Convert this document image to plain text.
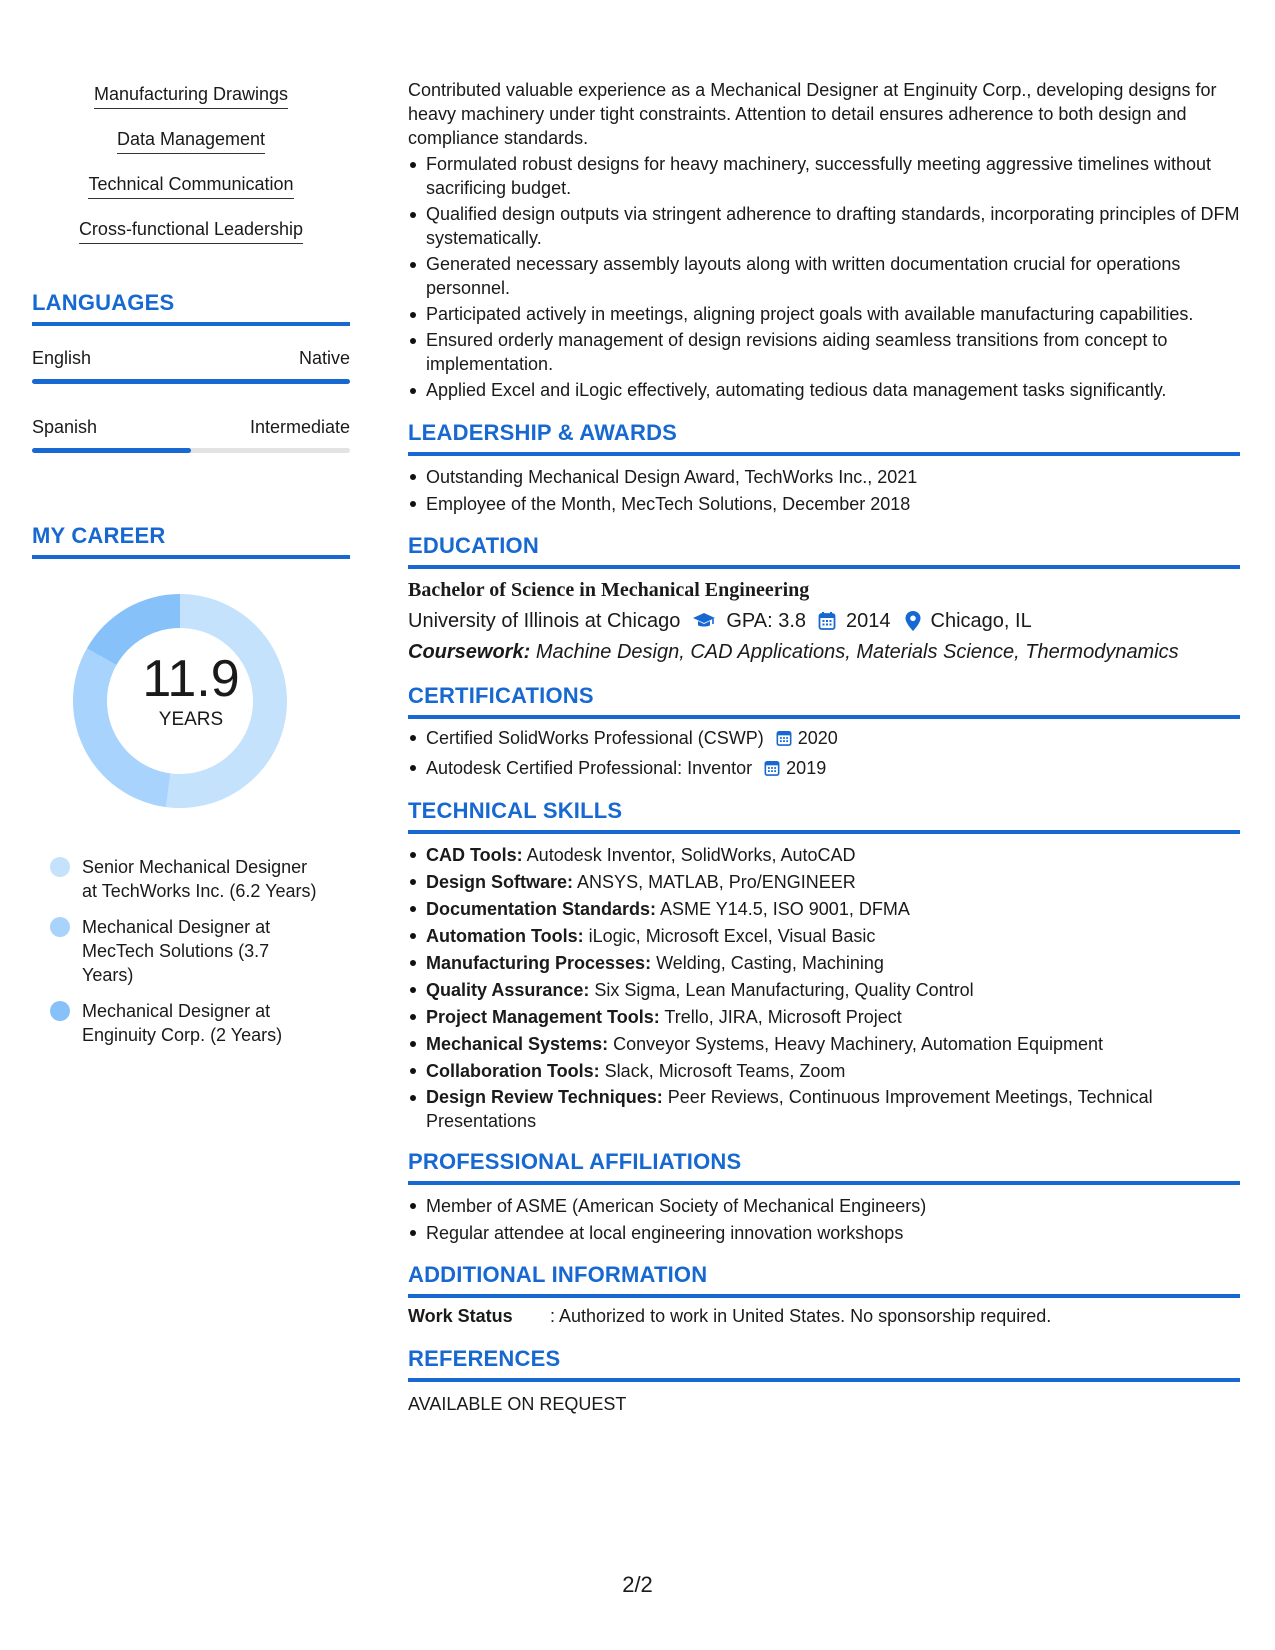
Manufacturing Drawings
Data Management
Technical Communication
Cross-functional Leadership
LANGUAGES
English	Native
Spanish	Intermediate
MY CAREER
11.9
YEARS
Senior Mechanical Designer at TechWorks Inc. (6.2 Years)
Mechanical Designer at MecTech Solutions (3.7 Years)
Mechanical Designer at Enginuity Corp. (2 Years)

Contributed valuable experience as a Mechanical Designer at Enginuity Corp., developing designs for heavy machinery under tight constraints. Attention to detail ensures adherence to both design and compliance standards.

Formulated robust designs for heavy machinery, successfully meeting aggressive timelines without sacrificing budget.
Qualified design outputs via stringent adherence to drafting standards, incorporating principles of DFM systematically.
Generated necessary assembly layouts along with written documentation crucial for operations personnel.
Participated actively in meetings, aligning project goals with available manufacturing capabilities.
Ensured orderly management of design revisions aiding seamless transitions from concept to implementation.
Applied Excel and iLogic effectively, automating tedious data management tasks significantly.
LEADERSHIP & AWARDS
Outstanding Mechanical Design Award, TechWorks Inc., 2021
Employee of the Month, MecTech Solutions, December 2018
EDUCATION
Bachelor of Science in Mechanical Engineering
University of Illinois at Chicago GPA: 3.8 2014 Chicago, IL
Coursework: Machine Design, CAD Applications, Materials Science, Thermodynamics
CERTIFICATIONS
Certified SolidWorks Professional (CSWP) 2020
Autodesk Certified Professional: Inventor 2019
TECHNICAL SKILLS
CAD Tools: Autodesk Inventor, SolidWorks, AutoCAD
Design Software: ANSYS, MATLAB, Pro/ENGINEER
Documentation Standards: ASME Y14.5, ISO 9001, DFMA
Automation Tools: iLogic, Microsoft Excel, Visual Basic
Manufacturing Processes: Welding, Casting, Machining
Quality Assurance: Six Sigma, Lean Manufacturing, Quality Control
Project Management Tools: Trello, JIRA, Microsoft Project
Mechanical Systems: Conveyor Systems, Heavy Machinery, Automation Equipment
Collaboration Tools: Slack, Microsoft Teams, Zoom
Design Review Techniques: Peer Reviews, Continuous Improvement Meetings, Technical Presentations
PROFESSIONAL AFFILIATIONS
Member of ASME (American Society of Mechanical Engineers)
Regular attendee at local engineering innovation workshops
ADDITIONAL INFORMATION
Work Status	: Authorized to work in United States. No sponsorship required.
REFERENCES
AVAILABLE ON REQUEST
2/2
